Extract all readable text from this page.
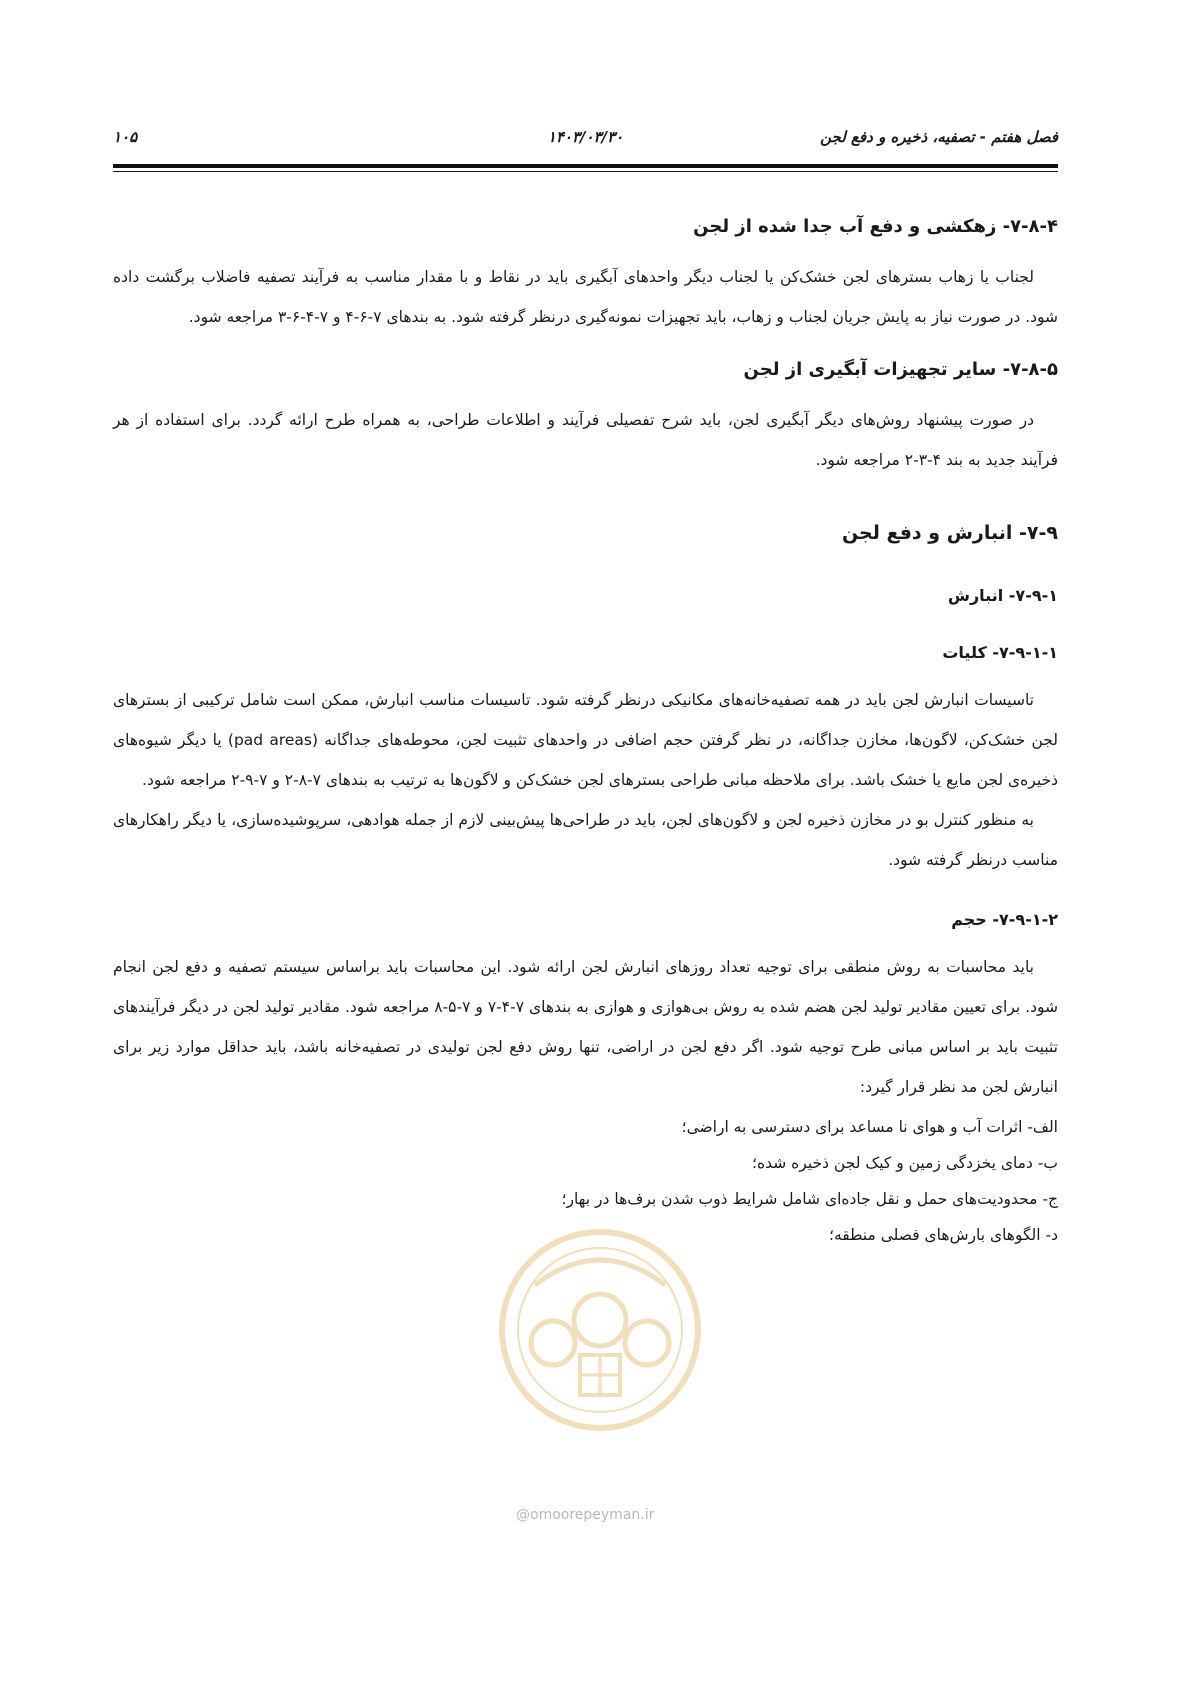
فصل هفتم - تصفیه، ذخیره و دفع لجن
۱۴۰۳/۰۳/۳۰
۱۰۵

۷-۸-۴- زهکشی و دفع آب جدا شده از لجن

لجناب یا زهاب بسترهای لجن خشک‌کن یا لجناب دیگر واحدهای آبگیری باید در نقاط و با مقدار مناسب به فرآیند تصفیه فاضلاب برگشت داده شود. در صورت نیاز به پایش جریان لجناب و زهاب، باید تجهیزات نمونه‌گیری درنظر گرفته شود. به بندهای ۷-۶-۴ و ۷-۴-۶-۳ مراجعه شود.

۷-۸-۵- سایر تجهیزات آبگیری از لجن

در صورت پیشنهاد روش‌های دیگر آبگیری لجن، باید شرح تفصیلی فرآیند و اطلاعات طراحی، به همراه طرح ارائه گردد. برای استفاده از هر فرآیند جدید به بند ۴-۳-۲ مراجعه شود.

۷-۹- انبارش و دفع لجن

۷-۹-۱- انبارش

۷-۹-۱-۱- کلیات

تاسیسات انبارش لجن باید در همه تصفیه‌خانه‌های مکانیکی درنظر گرفته شود. تاسیسات مناسب انبارش، ممکن است شامل ترکیبی از بسترهای لجن خشک‌کن، لاگون‌ها، مخازن جداگانه، در نظر گرفتن حجم اضافی در واحدهای تثبیت لجن، محوطه‌های جداگانه (pad areas) یا دیگر شیوه‌های ذخیره‌ی لجن مایع یا خشک باشد. برای ملاحظه مبانی طراحی بسترهای لجن خشک‌کن و لاگون‌ها به ترتیب به بندهای ۷-۸-۲ و ۷-۹-۲ مراجعه شود.

به منظور کنترل بو در مخازن ذخیره لجن و لاگون‌های لجن، باید در طراحی‌ها پیش‌بینی لازم از جمله هوادهی، سرپوشیده‌سازی، یا دیگر راهکارهای مناسب درنظر گرفته شود.

۷-۹-۱-۲- حجم

باید محاسبات به روش منطقی برای توجیه تعداد روزهای انبارش لجن ارائه شود. این محاسبات باید براساس سیستم تصفیه و دفع لجن انجام شود. برای تعیین مقادیر تولید لجن هضم شده به روش بی‌هوازی و هوازی به بندهای ۷-۴-۷ و ۷-۵-۸ مراجعه شود. مقادیر تولید لجن در دیگر فرآیندهای تثبیت باید بر اساس مبانی طرح توجیه شود. اگر دفع لجن در اراضی، تنها روش دفع لجن تولیدی در تصفیه‌خانه باشد، باید حداقل موارد زیر برای انبارش لجن مد نظر قرار گیرد:

الف- اثرات آب و هوای نا مساعد برای دسترسی به اراضی؛

ب- دمای یخزدگی زمین و کیک لجن ذخیره شده؛

ج- محدودیت‌های حمل و نقل جاده‌ای شامل شرایط ذوب شدن برف‌ها در بهار؛

د- الگوهای بارش‌های فصلی منطقه؛

@omoorepeyman.ir
